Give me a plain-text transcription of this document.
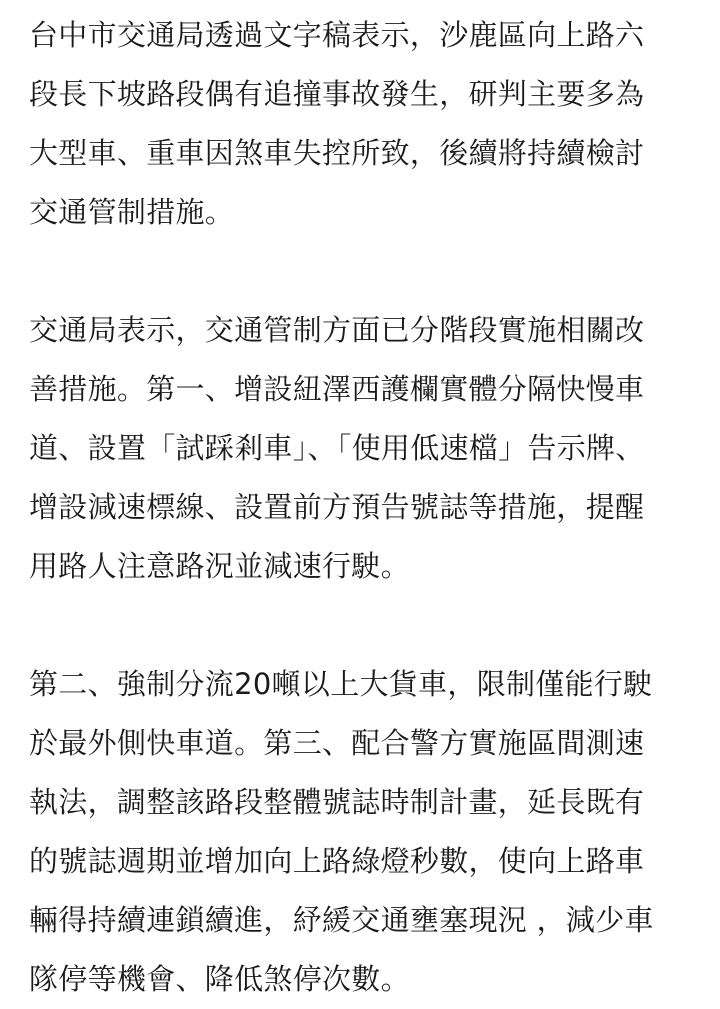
台中市交通局透過文字稿表示，沙鹿區向上路六
段長下坡路段偶有追撞事故發生，研判主要多為
大型車、重車因煞車失控所致，後續將持續檢討
交通管制措施。
交通局表示，交通管制方面已分階段實施相關改
善措施。第一、增設紐澤西護欄實體分隔快慢車
道、設置「試踩剎車」、「使用低速檔」告示牌、
增設減速標線、設置前方預告號誌等措施，提醒
用路人注意路況並減速行駛。
第二、強制分流20噸以上大貨車，限制僅能行駛
於最外側快車道。第三、配合警方實施區間測速
執法，調整該路段整體號誌時制計畫，延長既有
的號誌週期並增加向上路綠燈秒數，使向上路車
輛得持續連鎖續進，紓緩交通壅塞現況 ，減少車
隊停等機會、降低煞停次數。
